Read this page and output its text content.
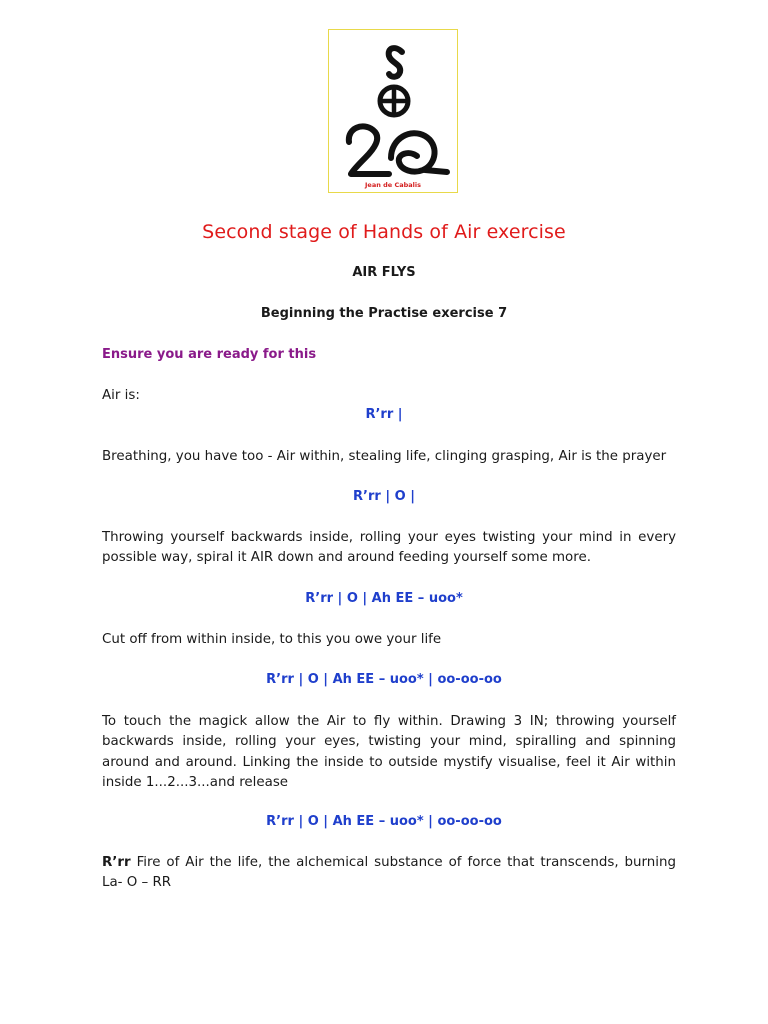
Jean de Cabalis
Second stage of Hands of Air exercise
AIR FLYS
Beginning the Practise exercise 7
Ensure you are ready for this
Air is:
R’rr |
Breathing, you have too - Air within, stealing life, clinging grasping, Air is the prayer
R’rr | O |
Throwing yourself backwards inside, rolling your eyes twisting your mind in every possible way, spiral it AIR down and around feeding yourself some more.
R’rr | O | Ah EE – uoo*
Cut off from within inside, to this you owe your life
R’rr | O | Ah EE – uoo* | oo-oo-oo
To touch the magick allow the Air to fly within. Drawing 3 IN; throwing yourself backwards inside, rolling your eyes, twisting your mind, spiralling and spinning around and around. Linking the inside to outside mystify visualise, feel it Air within inside 1...2...3...and release
R’rr | O | Ah EE – uoo* | oo-oo-oo
R’rr Fire of Air the life, the alchemical substance of force that transcends, burning La- O – RR
